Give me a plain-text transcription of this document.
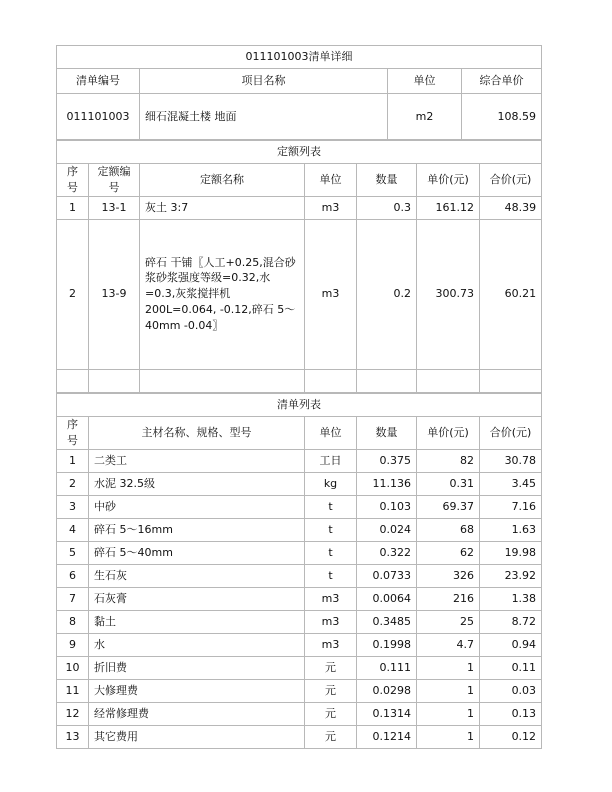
011101003清单详细			
清单编号	项目名称	单位	综合单价
011101003	细石混凝土楼 地面	m2	108.59
定额列表						
序号	定额编号	定额名称	单位	数量	单价(元)	合价(元)
1	13-1	灰土 3:7	m3	0.3	161.12	48.39
2	13-9	碎石 干铺〖人工+0.25,混合砂浆砂浆强度等级=0.32,水=0.3,灰浆搅拌机200L=0.064, -0.12,碎石 5～40mm -0.04〗	m3	0.2	300.73	60.21

清单列表					
序号	主材名称、规格、型号	单位	数量	单价(元)	合价(元)
1	二类工	工日	0.375	82	30.78
2	水泥 32.5级	kg	11.136	0.31	3.45
3	中砂	t	0.103	69.37	7.16
4	碎石 5～16mm	t	0.024	68	1.63
5	碎石 5～40mm	t	0.322	62	19.98
6	生石灰	t	0.0733	326	23.92
7	石灰膏	m3	0.0064	216	1.38
8	黏土	m3	0.3485	25	8.72
9	水	m3	0.1998	4.7	0.94
10	折旧费	元	0.111	1	0.11
11	大修理费	元	0.0298	1	0.03
12	经常修理费	元	0.1314	1	0.13
13	其它费用	元	0.1214	1	0.12
